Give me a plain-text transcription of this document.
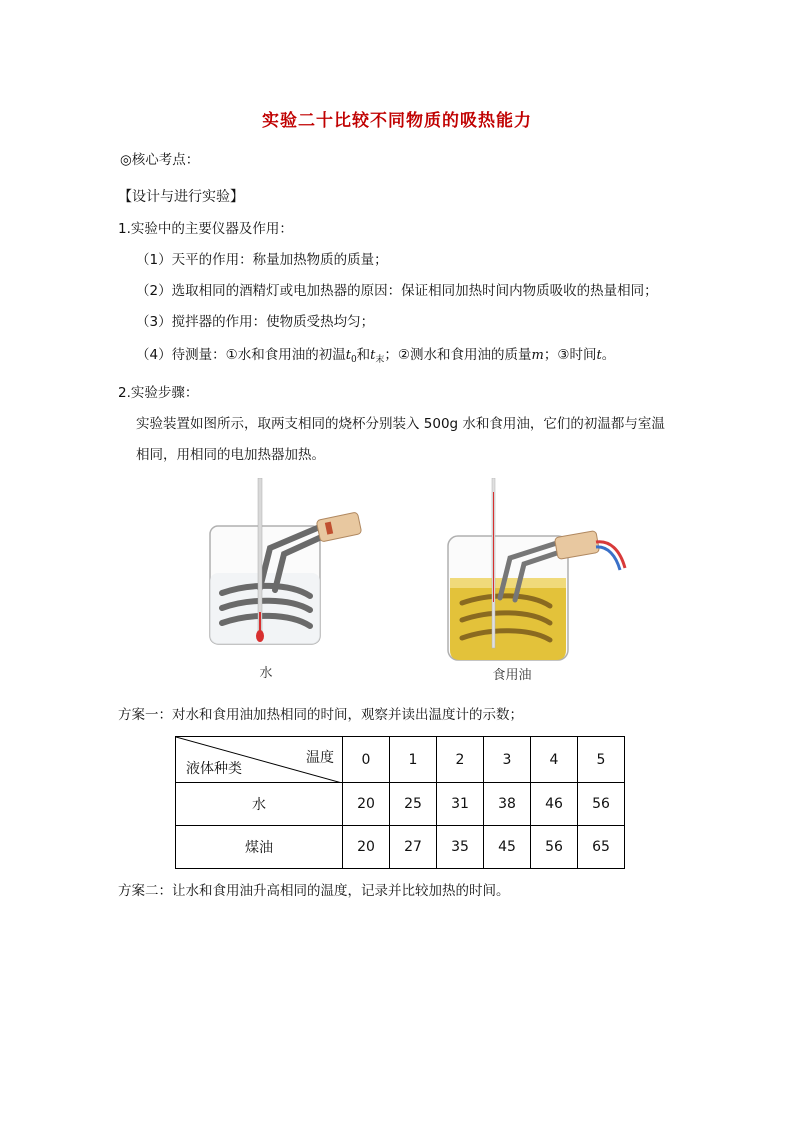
实验二十比较不同物质的吸热能力
◎核心考点：
【设计与进行实验】
1.实验中的主要仪器及作用：
（1）天平的作用：称量加热物质的质量；
（2）选取相同的酒精灯或电加热器的原因：保证相同加热时间内物质吸收的热量相同；
（3）搅拌器的作用：使物质受热均匀；
（4）待测量：①水和食用油的初温$t_0$和$t_末$；②测水和食用油的质量m；③时间t。
2.实验步骤：
实验装置如图所示，取两支相同的烧杯分别装入 500g 水和食用油，它们的初温都与室温
相同，用相同的电加热器加热。
水	食用油
方案一：对水和食用油加热相同的时间，观察并读出温度计的示数；
温度
液体种类	0	1	2	3	4	5
水	20	25	31	38	46	56
煤油	20	27	35	45	56	65
方案二：让水和食用油升高相同的温度，记录并比较加热的时间。
